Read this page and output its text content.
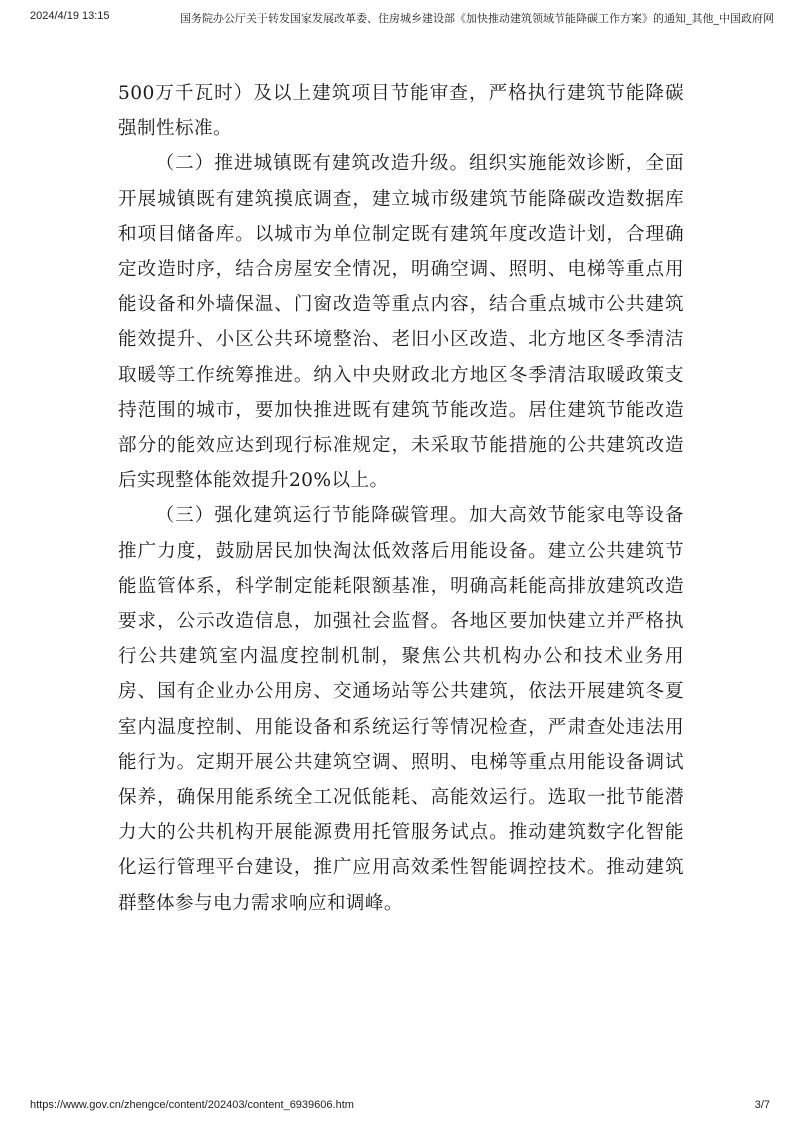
2024/4/19 13:15	国务院办公厅关于转发国家发展改革委、住房城乡建设部《加快推动建筑领域节能降碳工作方案》的通知_其他_中国政府网

500万千瓦时）及以上建筑项目节能审查，严格执行建筑节能降碳强制性标准。

（二）推进城镇既有建筑改造升级。组织实施能效诊断，全面开展城镇既有建筑摸底调查，建立城市级建筑节能降碳改造数据库和项目储备库。以城市为单位制定既有建筑年度改造计划，合理确定改造时序，结合房屋安全情况，明确空调、照明、电梯等重点用能设备和外墙保温、门窗改造等重点内容，结合重点城市公共建筑能效提升、小区公共环境整治、老旧小区改造、北方地区冬季清洁取暖等工作统筹推进。纳入中央财政北方地区冬季清洁取暖政策支持范围的城市，要加快推进既有建筑节能改造。居住建筑节能改造部分的能效应达到现行标准规定，未采取节能措施的公共建筑改造后实现整体能效提升20%以上。

（三）强化建筑运行节能降碳管理。加大高效节能家电等设备推广力度，鼓励居民加快淘汰低效落后用能设备。建立公共建筑节能监管体系，科学制定能耗限额基准，明确高耗能高排放建筑改造要求，公示改造信息，加强社会监督。各地区要加快建立并严格执行公共建筑室内温度控制机制，聚焦公共机构办公和技术业务用房、国有企业办公用房、交通场站等公共建筑，依法开展建筑冬夏室内温度控制、用能设备和系统运行等情况检查，严肃查处违法用能行为。定期开展公共建筑空调、照明、电梯等重点用能设备调试保养，确保用能系统全工况低能耗、高能效运行。选取一批节能潜力大的公共机构开展能源费用托管服务试点。推动建筑数字化智能化运行管理平台建设，推广应用高效柔性智能调控技术。推动建筑群整体参与电力需求响应和调峰。

https://www.gov.cn/zhengce/content/202403/content_6939606.htm	3/7
